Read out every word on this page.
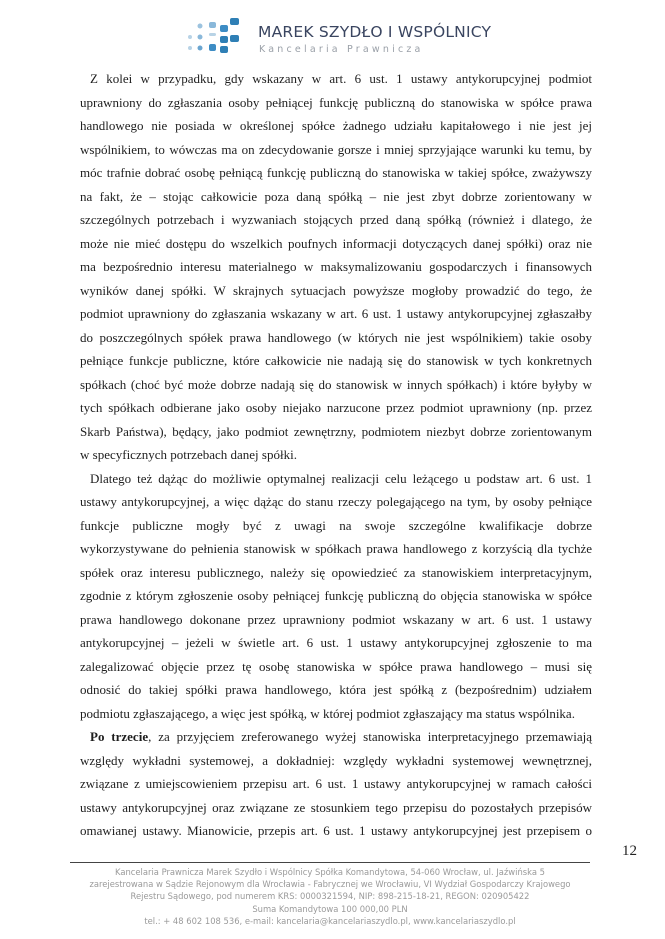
MAREK SZYDŁO I WSPÓLNICY
Kancelaria Prawnicza
Z kolei w przypadku, gdy wskazany w art. 6 ust. 1 ustawy antykorupcyjnej podmiot
uprawniony do zgłaszania osoby pełniącej funkcję publiczną do stanowiska w spółce prawa
handlowego nie posiada w określonej spółce żadnego udziału kapitałowego i nie jest jej
wspólnikiem, to wówczas ma on zdecydowanie gorsze i mniej sprzyjające warunki ku temu, by
móc trafnie dobrać osobę pełniącą funkcję publiczną do stanowiska w takiej spółce, zważywszy
na fakt, że – stojąc całkowicie poza daną spółką – nie jest zbyt dobrze zorientowany w
szczególnych potrzebach i wyzwaniach stojących przed daną spółką (również i dlatego, że
może nie mieć dostępu do wszelkich poufnych informacji dotyczących danej spółki) oraz nie
ma bezpośrednio interesu materialnego w maksymalizowaniu gospodarczych i finansowych
wyników danej spółki. W skrajnych sytuacjach powyższe mogłoby prowadzić do tego, że
podmiot uprawniony do zgłaszania wskazany w art. 6 ust. 1 ustawy antykorupcyjnej zgłaszałby
do poszczególnych spółek prawa handlowego (w których nie jest wspólnikiem) takie osoby
pełniące funkcje publiczne, które całkowicie nie nadają się do stanowisk w tych konkretnych
spółkach (choć być może dobrze nadają się do stanowisk w innych spółkach) i które byłyby w
tych spółkach odbierane jako osoby niejako narzucone przez podmiot uprawniony (np. przez
Skarb Państwa), będący, jako podmiot zewnętrzny, podmiotem niezbyt dobrze zorientowanym
w specyficznych potrzebach danej spółki.
Dlatego też dążąc do możliwie optymalnej realizacji celu leżącego u podstaw art. 6 ust. 1
ustawy antykorupcyjnej, a więc dążąc do stanu rzeczy polegającego na tym, by osoby pełniące
funkcje publiczne mogły być z uwagi na swoje szczególne kwalifikacje dobrze
wykorzystywane do pełnienia stanowisk w spółkach prawa handlowego z korzyścią dla tychże
spółek oraz interesu publicznego, należy się opowiedzieć za stanowiskiem interpretacyjnym,
zgodnie z którym zgłoszenie osoby pełniącej funkcję publiczną do objęcia stanowiska w spółce
prawa handlowego dokonane przez uprawniony podmiot wskazany w art. 6 ust. 1 ustawy
antykorupcyjnej – jeżeli w świetle art. 6 ust. 1 ustawy antykorupcyjnej zgłoszenie to ma
zalegalizować objęcie przez tę osobę stanowiska w spółce prawa handlowego – musi się
odnosić do takiej spółki prawa handlowego, która jest spółką z (bezpośrednim) udziałem
podmiotu zgłaszającego, a więc jest spółką, w której podmiot zgłaszający ma status wspólnika.
Po trzecie, za przyjęciem zreferowanego wyżej stanowiska interpretacyjnego przemawiają
względy wykładni systemowej, a dokładniej: względy wykładni systemowej wewnętrznej,
związane z umiejscowieniem przepisu art. 6 ust. 1 ustawy antykorupcyjnej w ramach całości
ustawy antykorupcyjnej oraz związane ze stosunkiem tego przepisu do pozostałych przepisów
omawianej ustawy. Mianowicie, przepis art. 6 ust. 1 ustawy antykorupcyjnej jest przepisem o
12
Kancelaria Prawnicza Marek Szydło i Wspólnicy Spółka Komandytowa, 54-060 Wrocław, ul. Jaźwińska 5
zarejestrowana w Sądzie Rejonowym dla Wrocławia - Fabrycznej we Wrocławiu, VI Wydział Gospodarczy Krajowego
Rejestru Sądowego, pod numerem KRS: 0000321594, NIP: 898-215-18-21, REGON: 020905422
Suma Komandytowa 100 000,00 PLN
tel.: + 48 602 108 536, e-mail: kancelaria@kancelariaszydlo.pl, www.kancelariaszydlo.pl
